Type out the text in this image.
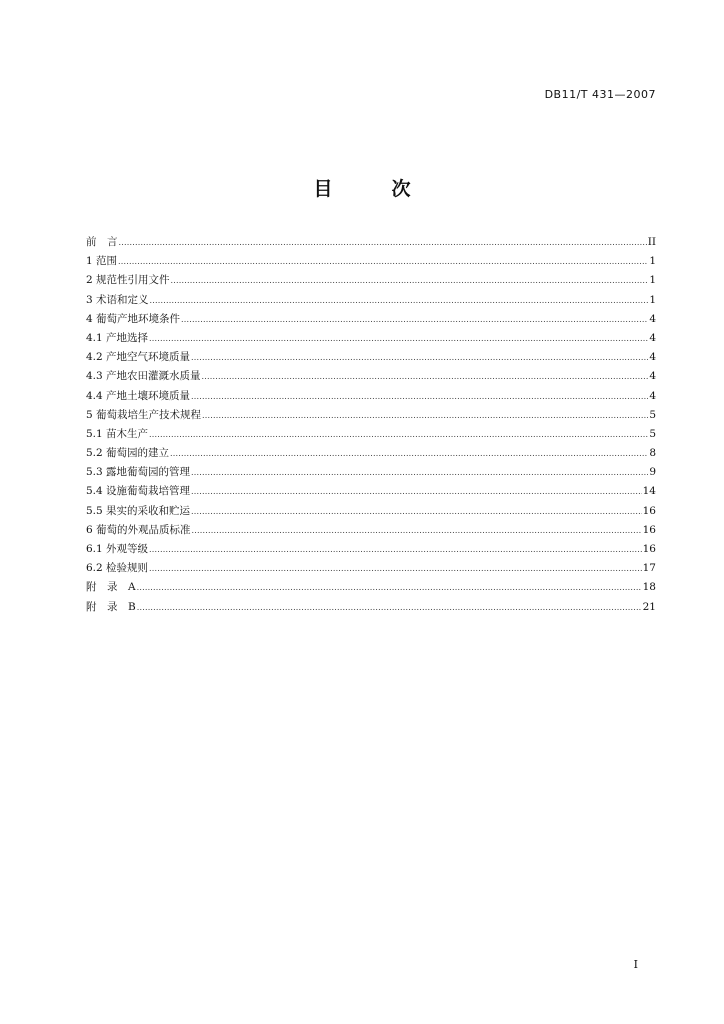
DB11/T 431—2007
目　次
前　言 .....	II
1 范围 .....	1
2 规范性引用文件 .....	1
3 术语和定义 .....	1
4 葡萄产地环境条件 .....	4
4.1 产地选择 .....	4
4.2 产地空气环境质量 .....	4
4.3 产地农田灌溉水质量 .....	4
4.4 产地土壤环境质量 .....	4
5 葡萄栽培生产技术规程 .....	5
5.1 苗木生产 .....	5
5.2 葡萄园的建立 .....	8
5.3 露地葡萄园的管理 .....	9
5.4 设施葡萄栽培管理 .....	14
5.5 果实的采收和贮运 .....	16
6 葡萄的外观品质标准 .....	16
6.1 外观等级 .....	16
6.2 检验规则 .....	17
附　录　A .....	18
附　录　B .....	21
I
